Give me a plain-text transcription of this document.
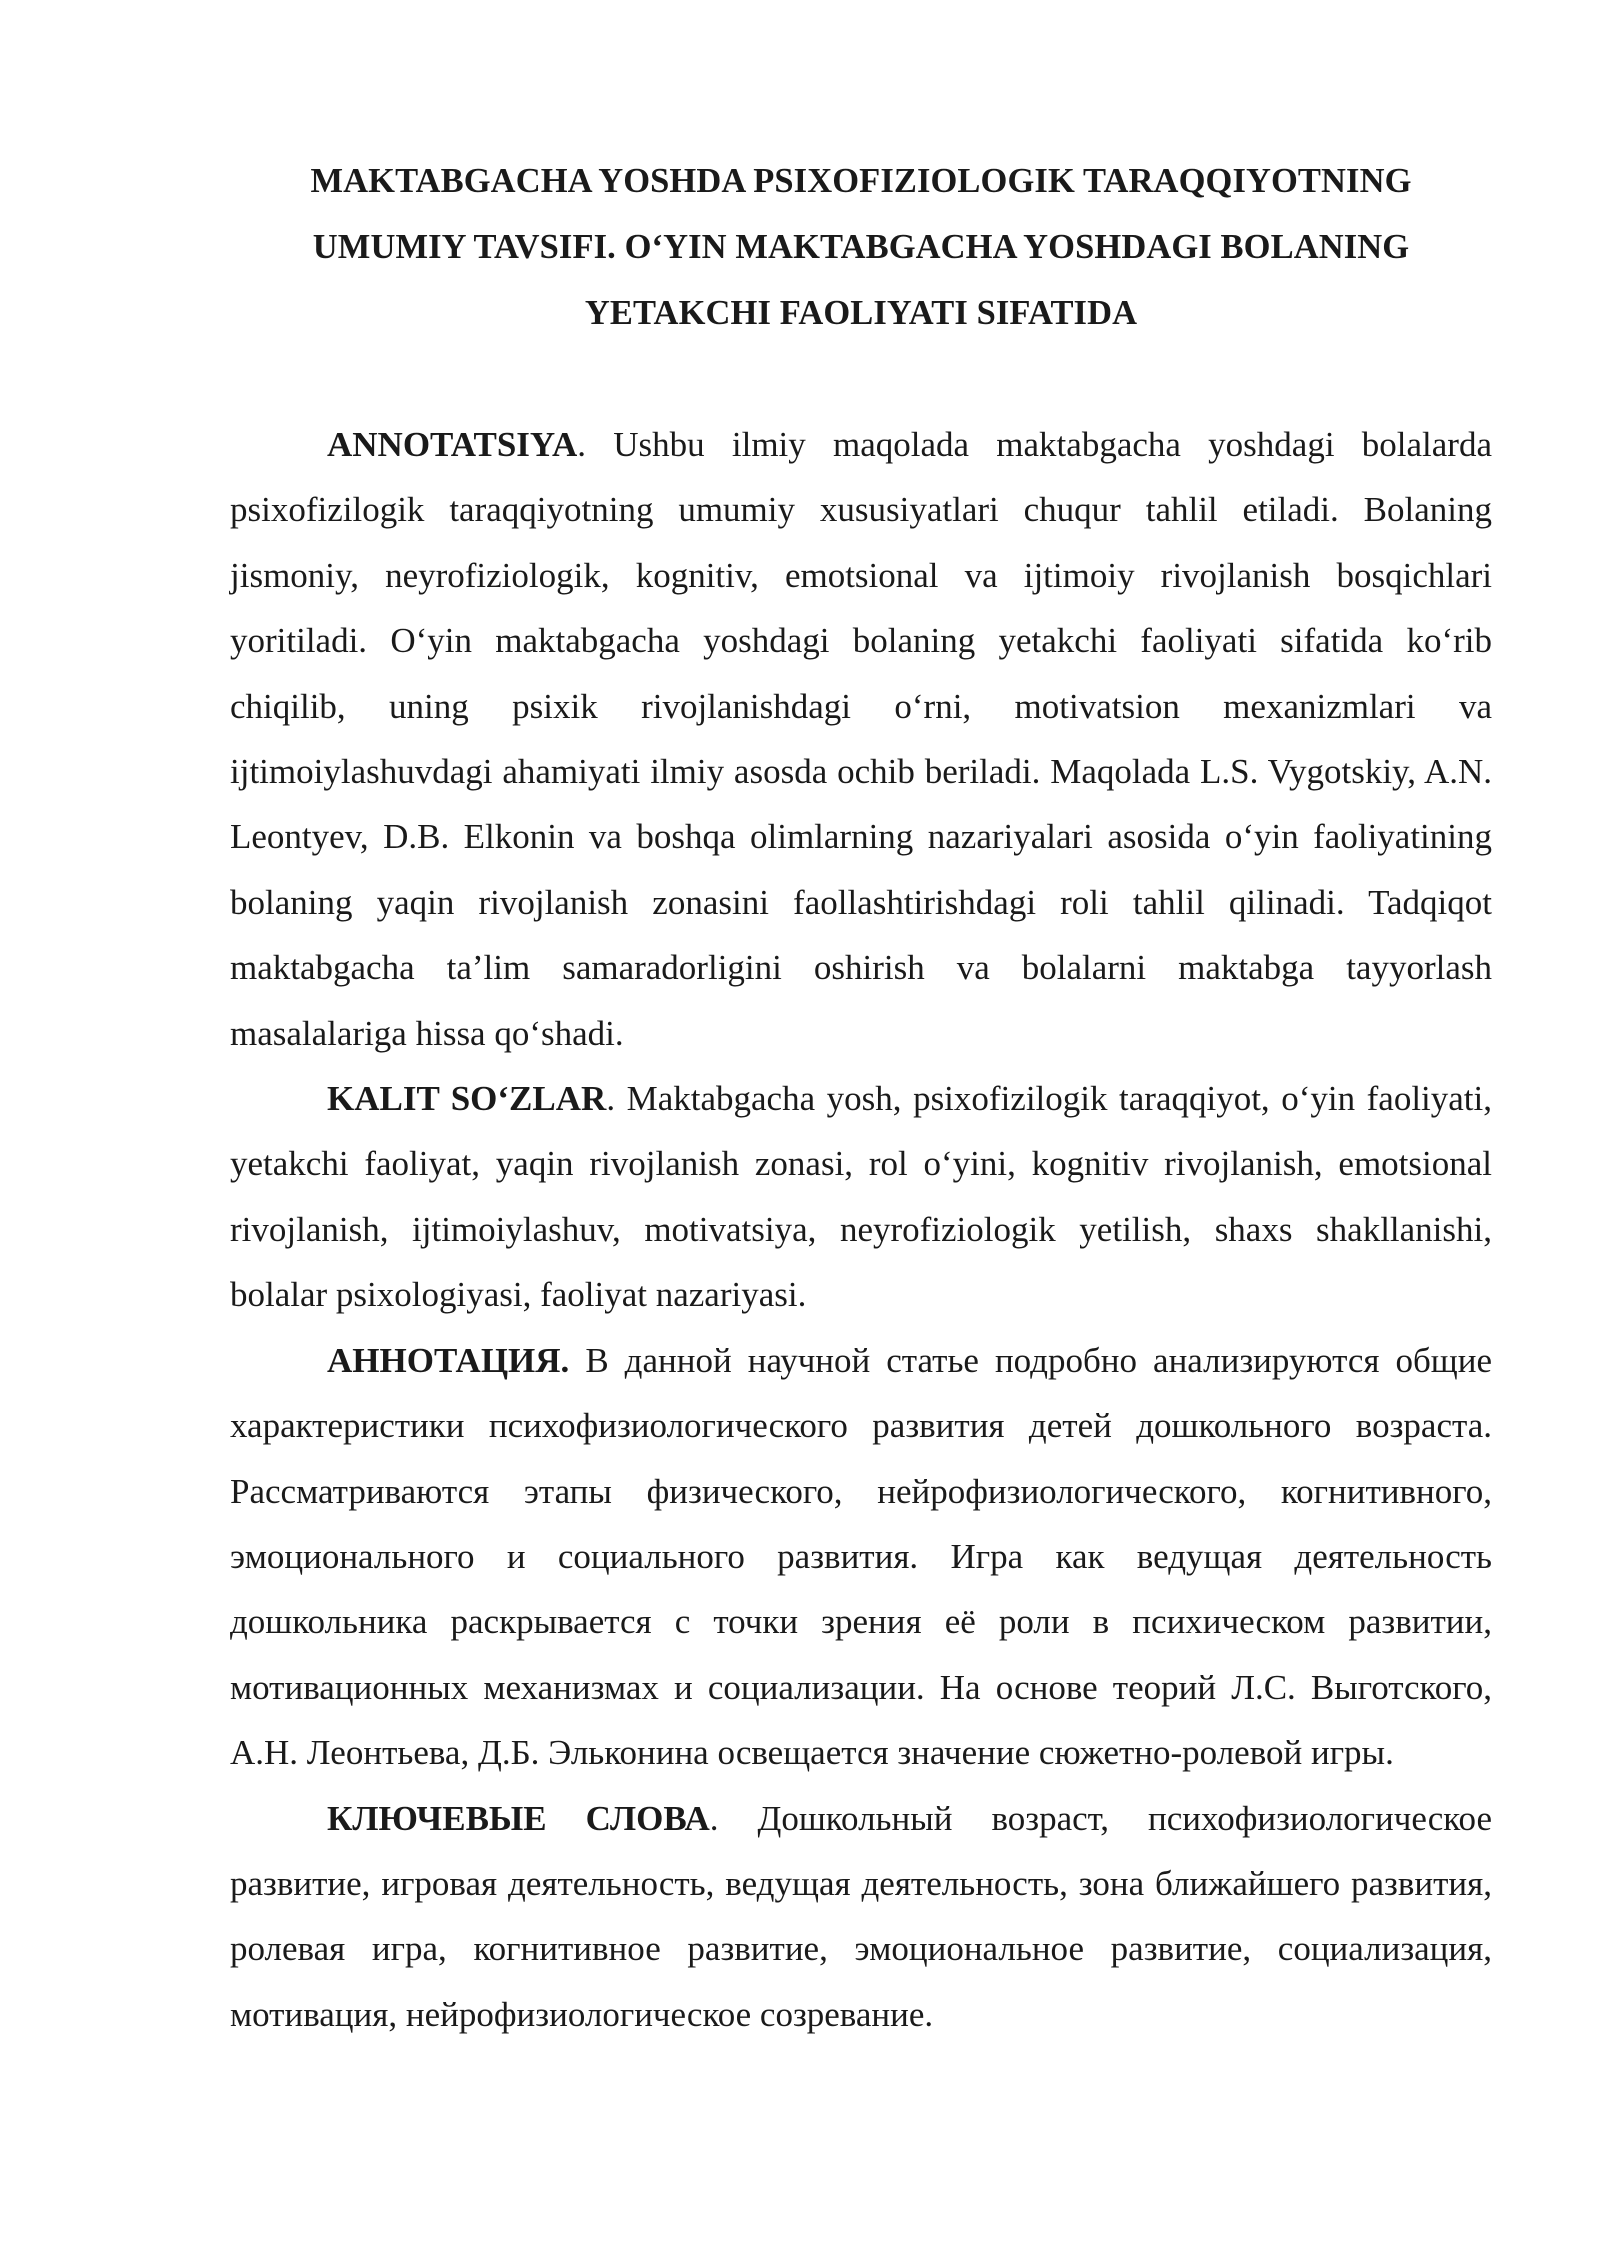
MAKTABGACHA YOSHDA PSIXOFIZIOLOGIK TARAQQIYOTNING
UMUMIY TAVSIFI. O‘YIN MAKTABGACHA YOSHDAGI BOLANING
YETAKCHI FAOLIYATI SIFATIDA

ANNOTATSIYA. Ushbu ilmiy maqolada maktabgacha yoshdagi bolalarda psixofizilogik taraqqiyotning umumiy xususiyatlari chuqur tahlil etiladi. Bolaning jismoniy, neyrofiziologik, kognitiv, emotsional va ijtimoiy rivojlanish bosqichlari yoritiladi. O‘yin maktabgacha yoshdagi bolaning yetakchi faoliyati sifatida ko‘rib chiqilib, uning psixik rivojlanishdagi o‘rni, motivatsion mexanizmlari va ijtimoiylashuvdagi ahamiyati ilmiy asosda ochib beriladi. Maqolada L.S. Vygotskiy, A.N. Leontyev, D.B. Elkonin va boshqa olimlarning nazariyalari asosida o‘yin faoliyatining bolaning yaqin rivojlanish zonasini faollashtirishdagi roli tahlil qilinadi. Tadqiqot maktabgacha ta’lim samaradorligini oshirish va bolalarni maktabga tayyorlash masalalariga hissa qo‘shadi.

KALIT SO‘ZLAR. Maktabgacha yosh, psixofizilogik taraqqiyot, o‘yin faoliyati, yetakchi faoliyat, yaqin rivojlanish zonasi, rol o‘yini, kognitiv rivojlanish, emotsional rivojlanish, ijtimoiylashuv, motivatsiya, neyrofiziologik yetilish, shaxs shakllanishi, bolalar psixologiyasi, faoliyat nazariyasi.

АННОТАЦИЯ. В данной научной статье подробно анализируются общие характеристики психофизиологического развития детей дошкольного возраста. Рассматриваются этапы физического, нейрофизиологического, когнитивного, эмоционального и социального развития. Игра как ведущая деятельность дошкольника раскрывается с точки зрения её роли в психическом развитии, мотивационных механизмах и социализации. На основе теорий Л.С. Выготского, А.Н. Леонтьева, Д.Б. Эльконина освещается значение сюжетно-ролевой игры.

КЛЮЧЕВЫЕ СЛОВА. Дошкольный возраст, психофизиологическое развитие, игровая деятельность, ведущая деятельность, зона ближайшего развития, ролевая игра, когнитивное развитие, эмоциональное развитие, социализация, мотивация, нейрофизиологическое созревание.
